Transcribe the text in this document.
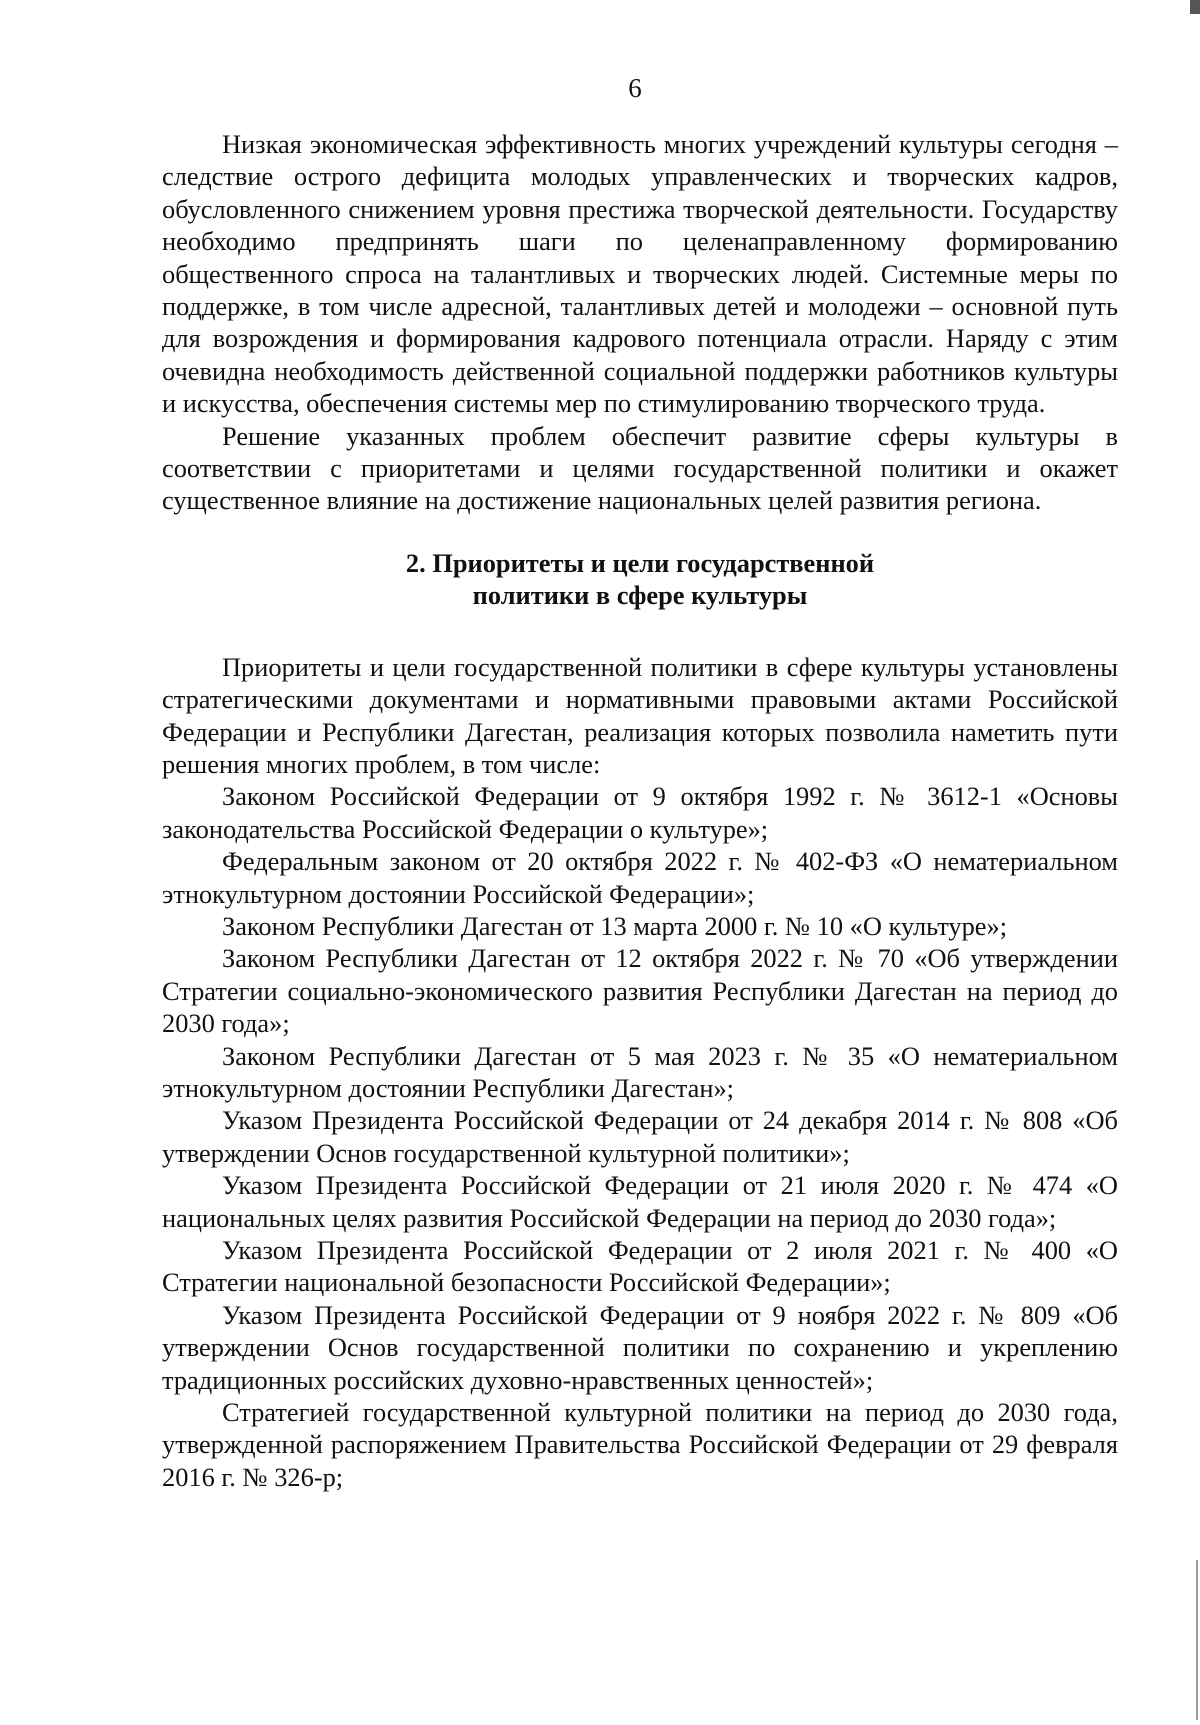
6

Низкая экономическая эффективность многих учреждений культуры сегодня – следствие острого дефицита молодых управленческих и творческих кадров, обусловленного снижением уровня престижа творческой деятельности. Государству необходимо предпринять шаги по целенаправленному формированию общественного спроса на талантливых и творческих людей. Системные меры по поддержке, в том числе адресной, талантливых детей и молодежи – основной путь для возрождения и формирования кадрового потенциала отрасли. Наряду с этим очевидна необходимость действенной социальной поддержки работников культуры и искусства, обеспечения системы мер по стимулированию творческого труда.

Решение указанных проблем обеспечит развитие сферы культуры в соответствии с приоритетами и целями государственной политики и окажет существенное влияние на достижение национальных целей развития региона.

2. Приоритеты и цели государственной
политики в сфере культуры

Приоритеты и цели государственной политики в сфере культуры установлены стратегическими документами и нормативными правовыми актами Российской Федерации и Республики Дагестан, реализация которых позволила наметить пути решения многих проблем, в том числе:

Законом Российской Федерации от 9 октября 1992 г. № 3612-1 «Основы законодательства Российской Федерации о культуре»;

Федеральным законом от 20 октября 2022 г. № 402-ФЗ «О нематериальном этнокультурном достоянии Российской Федерации»;

Законом Республики Дагестан от 13 марта 2000 г. № 10 «О культуре»;

Законом Республики Дагестан от 12 октября 2022 г. № 70 «Об утверждении Стратегии социально-экономического развития Республики Дагестан на период до 2030 года»;

Законом Республики Дагестан от 5 мая 2023 г. № 35 «О нематериальном этнокультурном достоянии Республики Дагестан»;

Указом Президента Российской Федерации от 24 декабря 2014 г. № 808 «Об утверждении Основ государственной культурной политики»;

Указом Президента Российской Федерации от 21 июля 2020 г. № 474 «О национальных целях развития Российской Федерации на период до 2030 года»;

Указом Президента Российской Федерации от 2 июля 2021 г. № 400 «О Стратегии национальной безопасности Российской Федерации»;

Указом Президента Российской Федерации от 9 ноября 2022 г. № 809 «Об утверждении Основ государственной политики по сохранению и укреплению традиционных российских духовно-нравственных ценностей»;

Стратегией государственной культурной политики на период до 2030 года, утвержденной распоряжением Правительства Российской Федерации от 29 февраля 2016 г. № 326-р;
